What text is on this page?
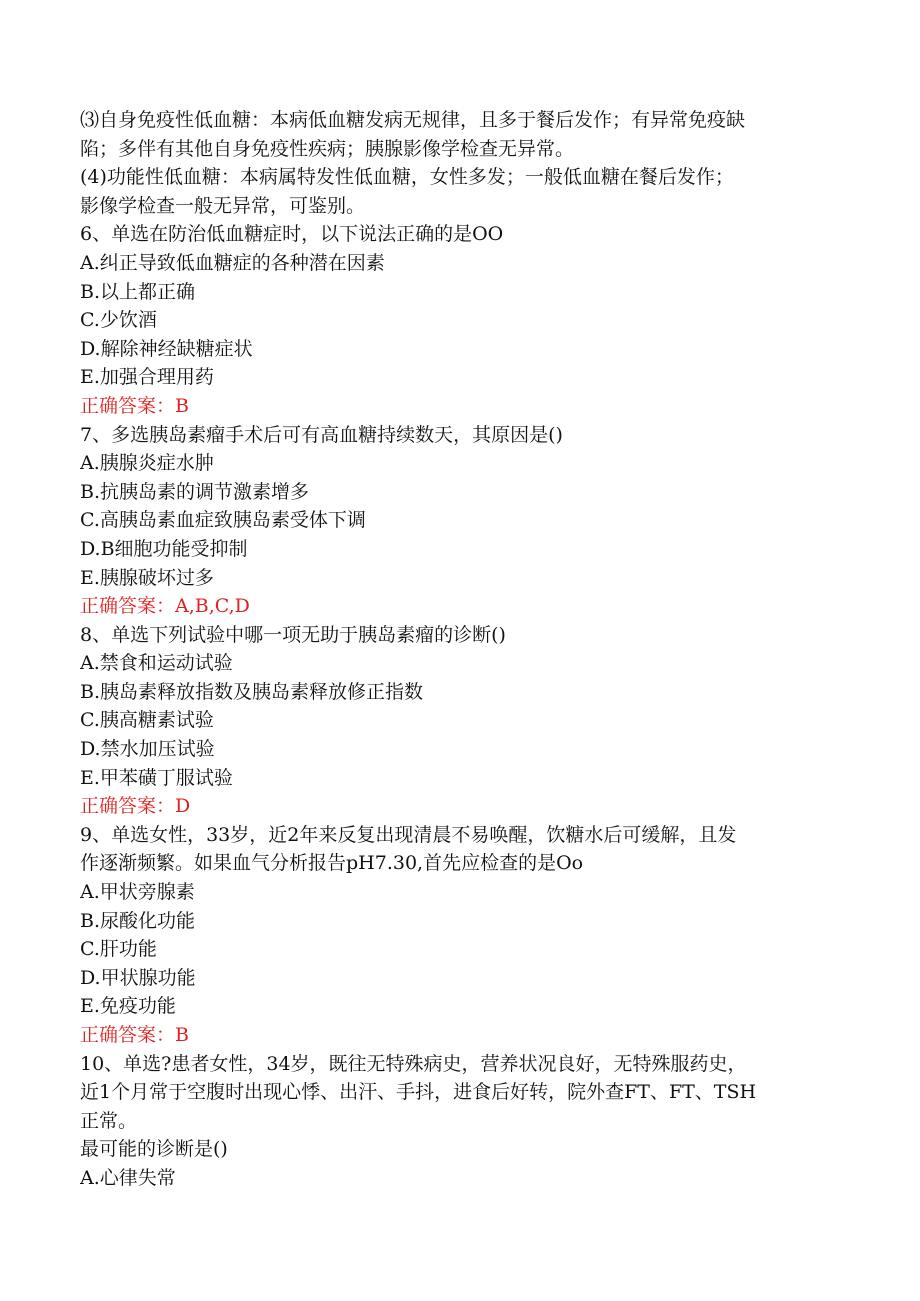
⑶自身免疫性低血糖：本病低血糖发病无规律，且多于餐后发作；有异常免疫缺
陷；多伴有其他自身免疫性疾病；胰腺影像学检查无异常。
(4)功能性低血糖：本病属特发性低血糖，女性多发；一般低血糖在餐后发作；
影像学检查一般无异常，可鉴别。
6、单选在防治低血糖症时，以下说法正确的是OO
A.纠正导致低血糖症的各种潜在因素
B.以上都正确
C.少饮酒
D.解除神经缺糖症状
E.加强合理用药
正确答案：B
7、多选胰岛素瘤手术后可有高血糖持续数天，其原因是()
A.胰腺炎症水肿
B.抗胰岛素的调节激素增多
C.高胰岛素血症致胰岛素受体下调
D.B细胞功能受抑制
E.胰腺破坏过多
正确答案：A,B,C,D
8、单选下列试验中哪一项无助于胰岛素瘤的诊断()
A.禁食和运动试验
B.胰岛素释放指数及胰岛素释放修正指数
C.胰高糖素试验
D.禁水加压试验
E.甲苯磺丁服试验
正确答案：D
9、单选女性，33岁，近2年来反复出现清晨不易唤醒，饮糖水后可缓解，且发
作逐渐频繁。如果血气分析报告pH7.30,首先应检查的是Oo
A.甲状旁腺素
B.尿酸化功能
C.肝功能
D.甲状腺功能
E.免疫功能
正确答案：B
10、单选?患者女性，34岁，既往无特殊病史，营养状况良好，无特殊服药史，
近1个月常于空腹时出现心悸、出汗、手抖，进食后好转，院外查FT、FT、TSH
正常。
最可能的诊断是()
A.心律失常
